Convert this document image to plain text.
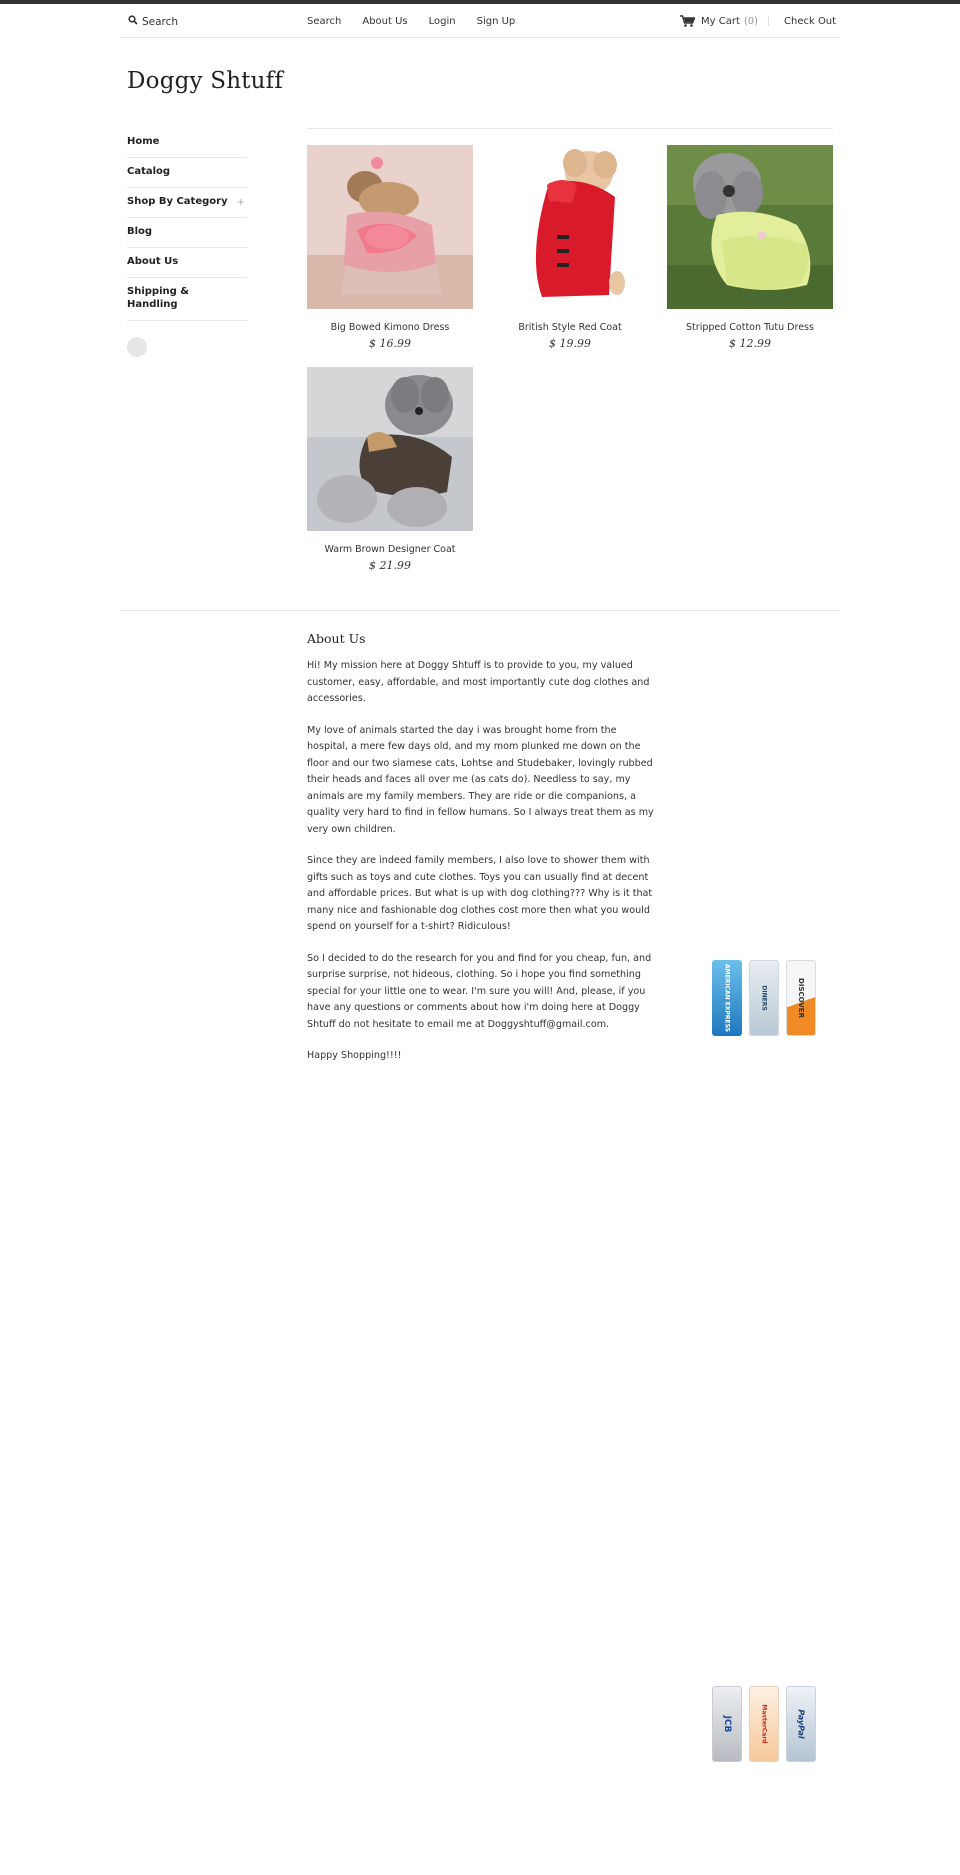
Search
Search About Us Login Sign Up	My Cart (0)	Check Out
Doggy Shtuff
Home
Catalog
Shop By Category +
Blog
About Us
Shipping & Handling
Big Bowed Kimono Dress
$ 16.99
British Style Red Coat
$ 19.99
Stripped Cotton Tutu Dress
$ 12.99
Warm Brown Designer Coat
$ 21.99
About Us

Hi! My mission here at Doggy Shtuff is to provide to you, my valued customer, easy, affordable, and most importantly cute dog clothes and accessories.

My love of animals started the day i was brought home from the hospital, a mere few days old, and my mom plunked me down on the floor and our two siamese cats, Lohtse and Studebaker, lovingly rubbed their heads and faces all over me (as cats do). Needless to say, my animals are my family members. They are ride or die companions, a quality very hard to find in fellow humans. So I always treat them as my very own children.

Since they are indeed family members, I also love to shower them with gifts such as toys and cute clothes. Toys you can usually find at decent and affordable prices. But what is up with dog clothing??? Why is it that many nice and fashionable dog clothes cost more then what you would spend on yourself for a t-shirt? Ridiculous!

So I decided to do the research for you and find for you cheap, fun, and surprise surprise, not hideous, clothing. So i hope you find something special for your little one to wear. I'm sure you will! And, please, if you have any questions or comments about how i'm doing here at Doggy Shtuff do not hesitate to email me at Doggyshtuff@gmail.com.

Happy Shopping!!!!

AMERICAN EXPRESS	DINERS	DISCOVER
JCB	MasterCard	PayPal
